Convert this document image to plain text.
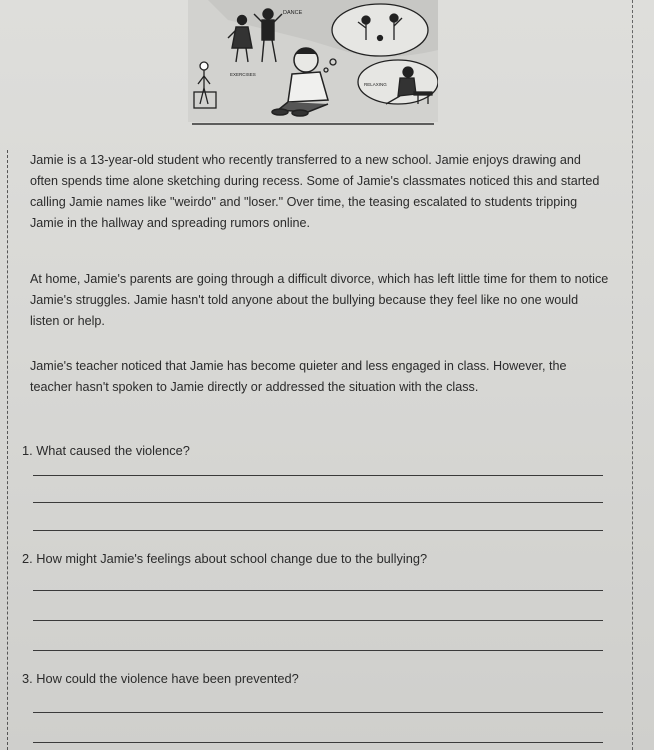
DANCE
EXERCISES
RELAXING

Jamie is a 13-year-old student who recently transferred to a new school. Jamie enjoys drawing and often spends time alone sketching during recess. Some of Jamie's classmates noticed this and started calling Jamie names like "weirdo" and "loser." Over time, the teasing escalated to students tripping Jamie in the hallway and spreading rumors online.

At home, Jamie's parents are going through a difficult divorce, which has left little time for them to notice Jamie's struggles. Jamie hasn't told anyone about the bullying because they feel like no one would listen or help.

Jamie's teacher noticed that Jamie has become quieter and less engaged in class. However, the teacher hasn't spoken to Jamie directly or addressed the situation with the class.

1. What caused the violence?

2. How might Jamie's feelings about school change due to the bullying?

3. How could the violence have been prevented?
